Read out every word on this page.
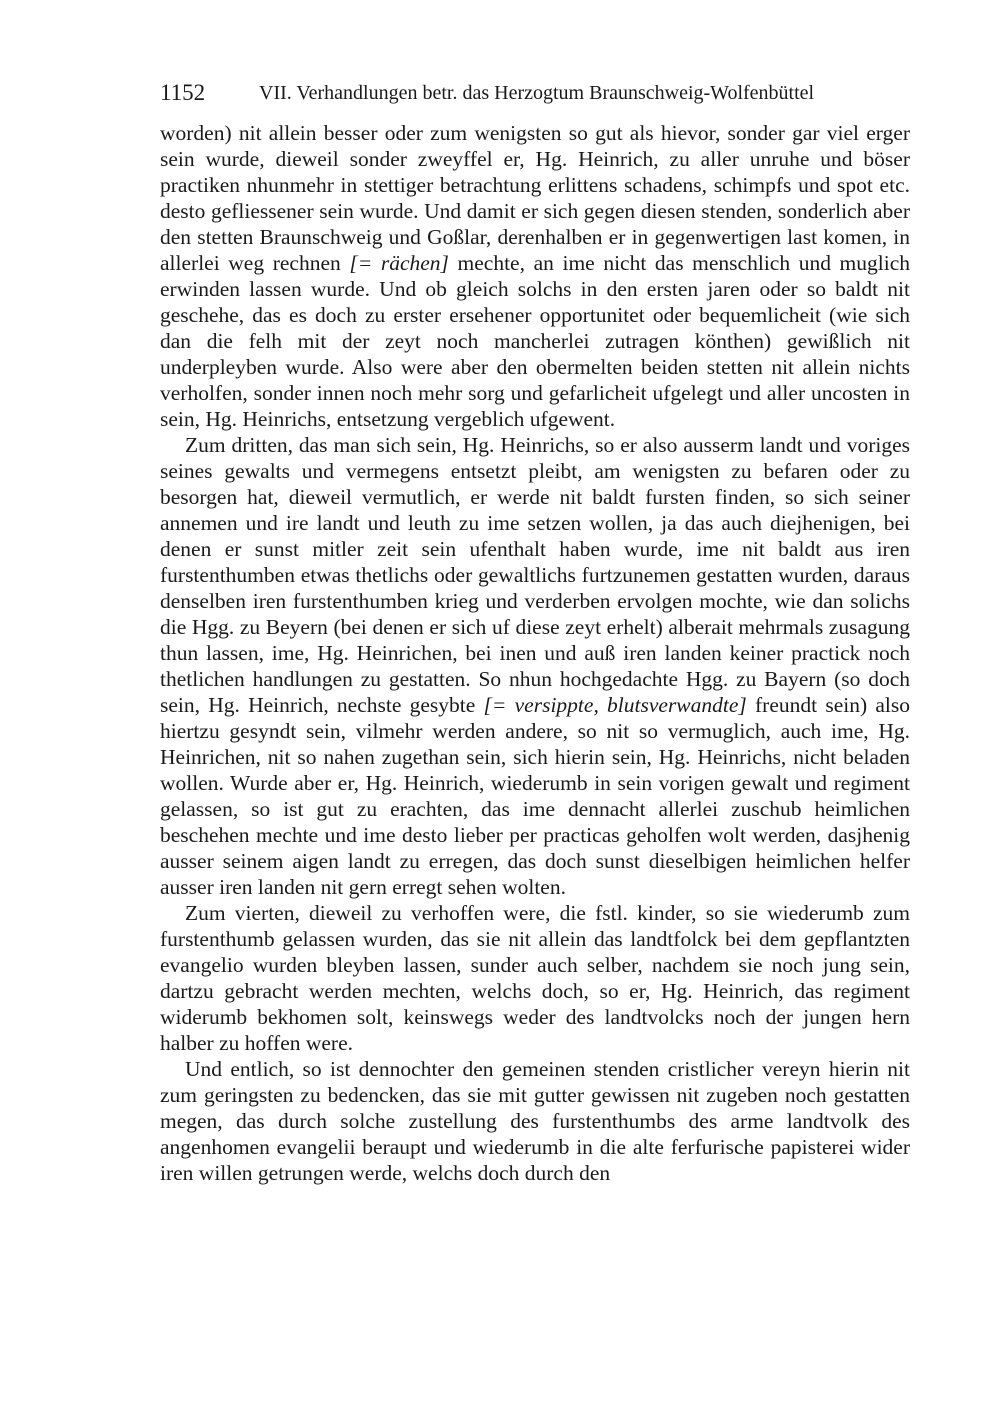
1152	VII. Verhandlungen betr. das Herzogtum Braunschweig-Wolfenbüttel

worden) nit allein besser oder zum wenigsten so gut als hievor, sonder gar viel erger sein wurde, dieweil sonder zweyffel er, Hg. Heinrich, zu aller unruhe und böser practiken nhunmehr in stettiger betrachtung erlittens schadens, schimpfs und spot etc. desto gefliessener sein wurde. Und damit er sich gegen diesen stenden, sonderlich aber den stetten Braunschweig und Goßlar, derenhalben er in gegenwertigen last komen, in allerlei weg rechnen [= rächen] mechte, an ime nicht das menschlich und muglich erwinden lassen wurde. Und ob gleich solchs in den ersten jaren oder so baldt nit geschehe, das es doch zu erster ersehener opportunitet oder bequemlicheit (wie sich dan die felh mit der zeyt noch mancherlei zutragen könthen) gewißlich nit underpleyben wurde. Also were aber den obermelten beiden stetten nit allein nichts verholfen, sonder innen noch mehr sorg und gefarlicheit ufgelegt und aller uncosten in sein, Hg. Heinrichs, entsetzung vergeblich ufgewent.

Zum dritten, das man sich sein, Hg. Heinrichs, so er also ausserm landt und voriges seines gewalts und vermegens entsetzt pleibt, am wenigsten zu befaren oder zu besorgen hat, dieweil vermutlich, er werde nit baldt fursten finden, so sich seiner annemen und ire landt und leuth zu ime setzen wollen, ja das auch diejhenigen, bei denen er sunst mitler zeit sein ufenthalt haben wurde, ime nit baldt aus iren furstenthumben etwas thetlichs oder gewaltlichs furtzunemen gestatten wurden, daraus denselben iren furstenthumben krieg und verderben ervolgen mochte, wie dan solichs die Hgg. zu Beyern (bei denen er sich uf diese zeyt erhelt) alberait mehrmals zusagung thun lassen, ime, Hg. Heinrichen, bei inen und auß iren landen keiner practick noch thetlichen handlungen zu gestatten. So nhun hochgedachte Hgg. zu Bayern (so doch sein, Hg. Heinrich, nechste gesybte [= versippte, blutsverwandte] freundt sein) also hiertzu gesyndt sein, vilmehr werden andere, so nit so vermuglich, auch ime, Hg. Heinrichen, nit so nahen zugethan sein, sich hierin sein, Hg. Heinrichs, nicht beladen wollen. Wurde aber er, Hg. Heinrich, wiederumb in sein vorigen gewalt und regiment gelassen, so ist gut zu erachten, das ime dennacht allerlei zuschub heimlichen beschehen mechte und ime desto lieber per practicas geholfen wolt werden, dasjhenig ausser seinem aigen landt zu erregen, das doch sunst dieselbigen heimlichen helfer ausser iren landen nit gern erregt sehen wolten.

Zum vierten, dieweil zu verhoffen were, die fstl. kinder, so sie wiederumb zum furstenthumb gelassen wurden, das sie nit allein das landtfolck bei dem gepflantzten evangelio wurden bleyben lassen, sunder auch selber, nachdem sie noch jung sein, dartzu gebracht werden mechten, welchs doch, so er, Hg. Heinrich, das regiment widerumb bekhomen solt, keinswegs weder des landtvolcks noch der jungen hern halber zu hoffen were.

Und entlich, so ist dennochter den gemeinen stenden cristlicher vereyn hierin nit zum geringsten zu bedencken, das sie mit gutter gewissen nit zugeben noch gestatten megen, das durch solche zustellung des furstenthumbs des arme landtvolk des angenhomen evangelii beraupt und wiederumb in die alte ferfurische papisterei wider iren willen getrungen werde, welchs doch durch den
